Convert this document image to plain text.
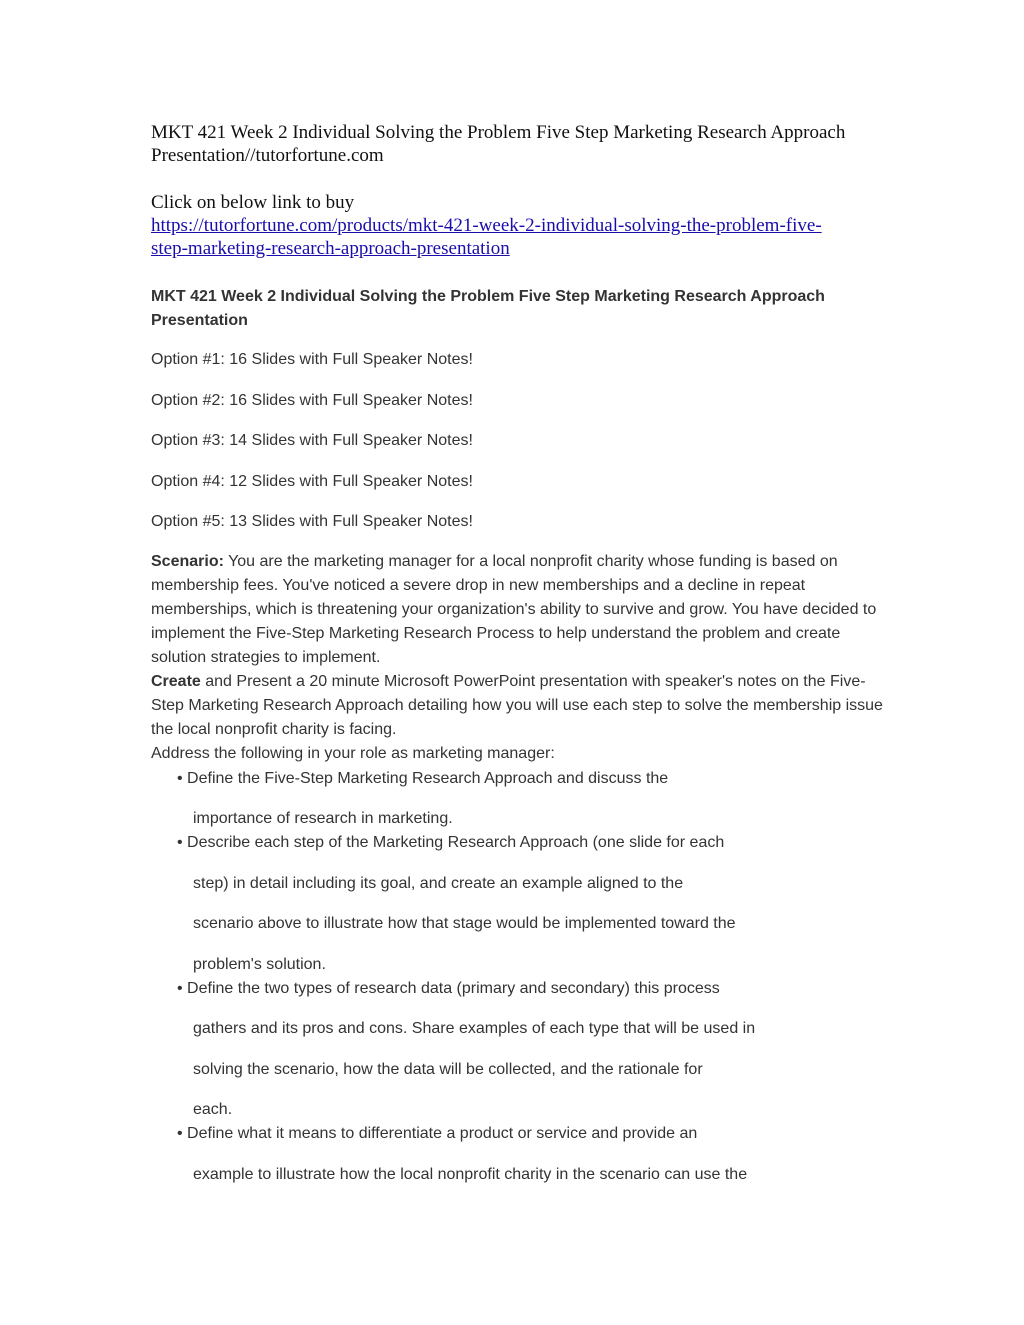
MKT 421 Week 2 Individual Solving the Problem Five Step Marketing Research Approach Presentation//tutorfortune.com
Click on below link to buy
https://tutorfortune.com/products/mkt-421-week-2-individual-solving-the-problem-five-
step-marketing-research-approach-presentation
MKT 421 Week 2 Individual Solving the Problem Five Step Marketing Research Approach Presentation
Option #1: 16 Slides with Full Speaker Notes!
Option #2: 16 Slides with Full Speaker Notes!
Option #3: 14 Slides with Full Speaker Notes!
Option #4: 12 Slides with Full Speaker Notes!
Option #5: 13 Slides with Full Speaker Notes!
Scenario: You are the marketing manager for a local nonprofit charity whose funding is based on membership fees. You've noticed a severe drop in new memberships and a decline in repeat memberships, which is threatening your organization's ability to survive and grow. You have decided to implement the Five-Step Marketing Research Process to help understand the problem and create solution strategies to implement.
Create and Present a 20 minute Microsoft PowerPoint presentation with speaker's notes on the Five-Step Marketing Research Approach detailing how you will use each step to solve the membership issue the local nonprofit charity is facing.
Address the following in your role as marketing manager:
• Define the Five-Step Marketing Research Approach and discuss the
importance of research in marketing.
• Describe each step of the Marketing Research Approach (one slide for each
step) in detail including its goal, and create an example aligned to the
scenario above to illustrate how that stage would be implemented toward the
problem's solution.
• Define the two types of research data (primary and secondary) this process
gathers and its pros and cons. Share examples of each type that will be used in
solving the scenario, how the data will be collected, and the rationale for
each.
• Define what it means to differentiate a product or service and provide an
example to illustrate how the local nonprofit charity in the scenario can use the
